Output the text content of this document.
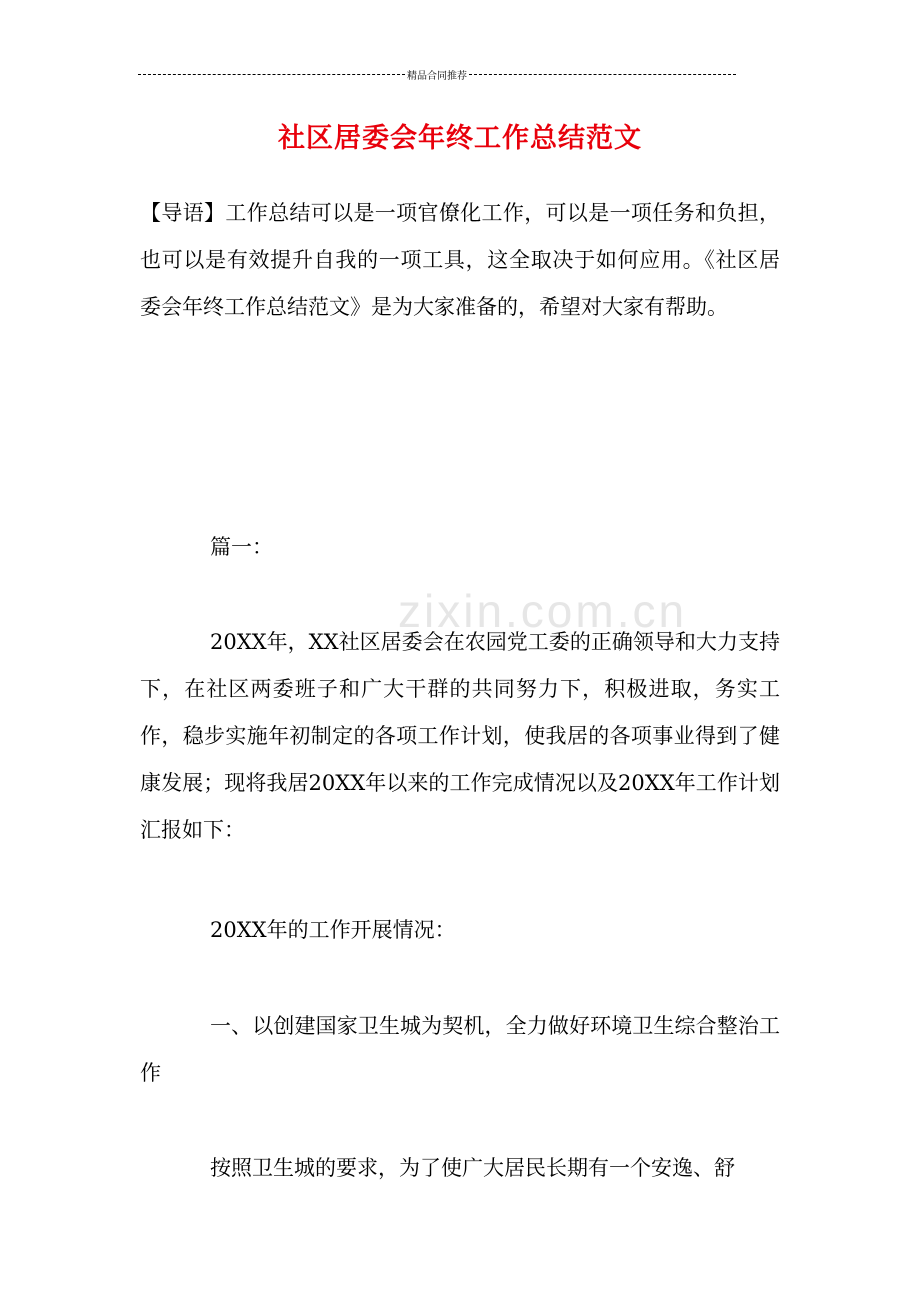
精品合同推荐
zixin.com.cn
社区居委会年终工作总结范文
【导语】工作总结可以是一项官僚化工作，可以是一项任务和负担，也可以是有效提升自我的一项工具，这全取决于如何应用。《社区居委会年终工作总结范文》是为大家准备的，希望对大家有帮助。
篇一：
20XX年，XX社区居委会在农园党工委的正确领导和大力支持下，在社区两委班子和广大干群的共同努力下，积极进取，务实工作，稳步实施年初制定的各项工作计划，使我居的各项事业得到了健康发展；现将我居20XX年以来的工作完成情况以及20XX年工作计划汇报如下：
20XX年的工作开展情况：
一、以创建国家卫生城为契机，全力做好环境卫生综合整治工作
按照卫生城的要求，为了使广大居民长期有一个安逸、舒
